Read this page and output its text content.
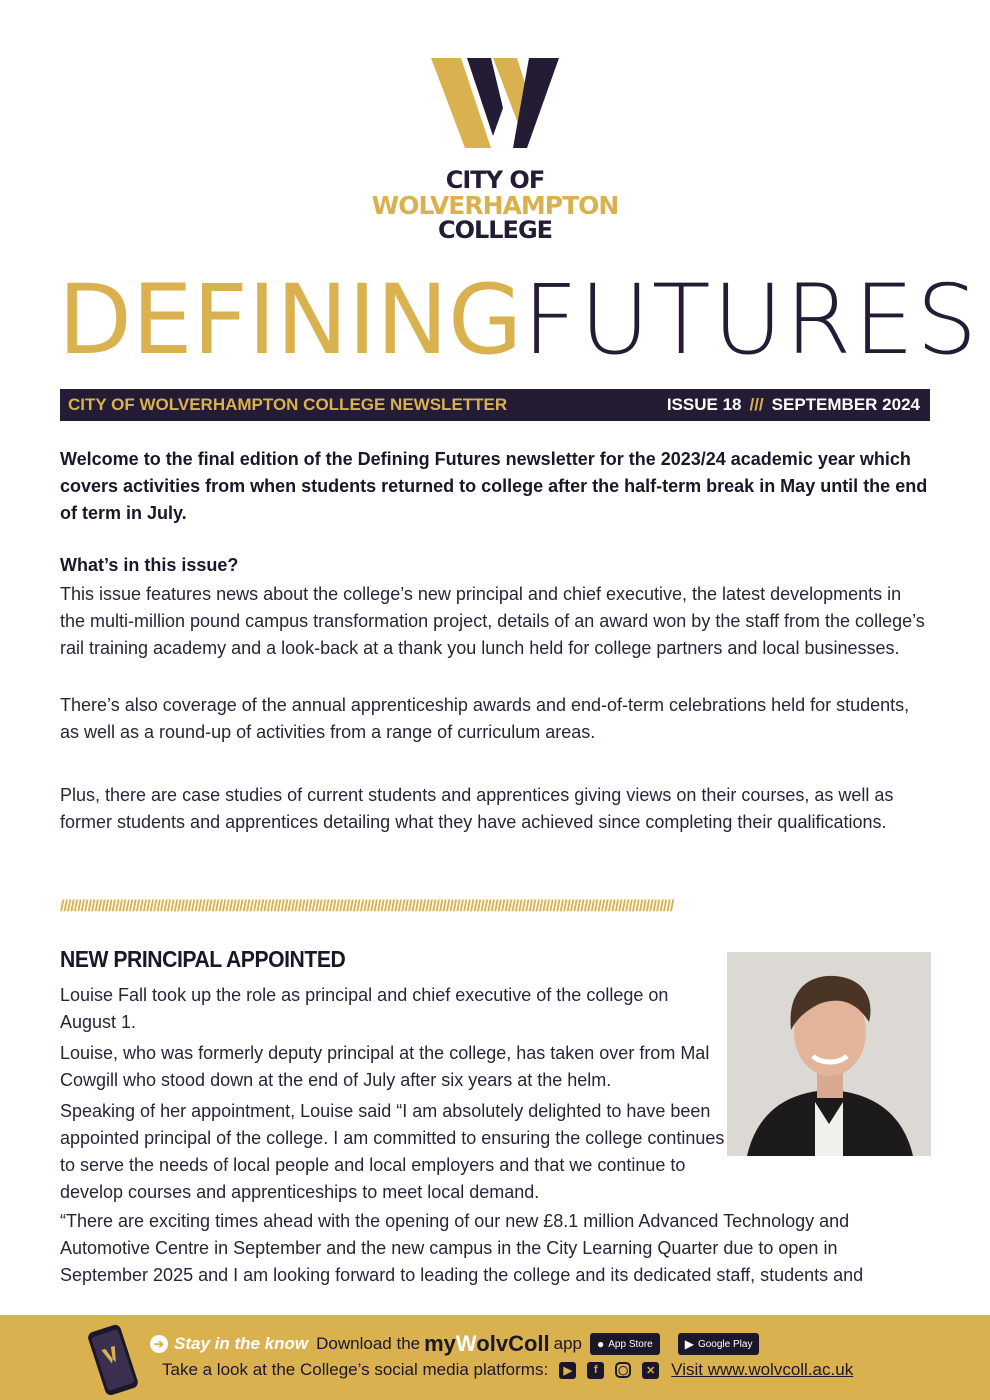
CITY OF
WOLVERHAMPTON
COLLEGE
DEFININGFUTURES
CITY OF WOLVERHAMPTON COLLEGE NEWSLETTER	ISSUE 18 /// SEPTEMBER 2024

Welcome to the final edition of the Defining Futures newsletter for the 2023/24 academic year which covers activities from when students returned to college after the half-term break in May until the end of term in July.

What’s in this issue?

This issue features news about the college’s new principal and chief executive, the latest developments in the multi-million pound campus transformation project, details of an award won by the staff from the college’s rail training academy and a look-back at a thank you lunch held for college partners and local businesses.

There’s also coverage of the annual apprenticeship awards and end-of-term celebrations held for students, as well as a round-up of activities from a range of curriculum areas.

Plus, there are case studies of current students and apprentices giving views on their courses, as well as former students and apprentices detailing what they have achieved since completing their qualifications.

//////////////////////////////////////////////////////////////////////////////////////////////////////////////////////////////////////////////////////////////////////////////////
NEW PRINCIPAL APPOINTED

Louise Fall took up the role as principal and chief executive of the college on August 1.

Louise, who was formerly deputy principal at the college, has taken over from Mal Cowgill who stood down at the end of July after six years at the helm.

Speaking of her appointment, Louise said “I am absolutely delighted to have been appointed principal of the college. I am committed to ensuring the college continues to serve the needs of local people and local employers and that we continue to develop courses and apprenticeships to meet local demand.

“There are exciting times ahead with the opening of our new £8.1 million Advanced Technology and Automotive Centre in September and the new campus in the City Learning Quarter due to open in September 2025 and I am looking forward to leading the college and its dedicated staff, students and

➔ Stay in the know Download the myWolvColl app ● App Store	▶ Google Play
Take a look at the College’s social media platforms:	▶	f	◯	✕ Visit www.wolvcoll.ac.uk
